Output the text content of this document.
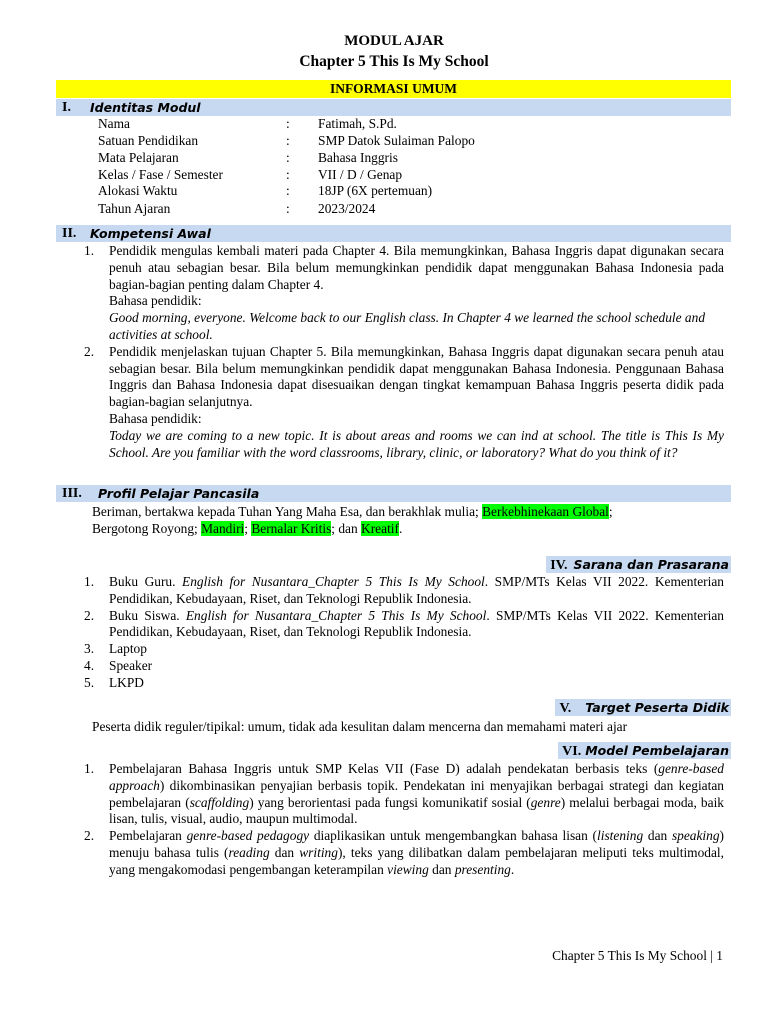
MODUL AJAR
Chapter 5 This Is My School
INFORMASI UMUM
I. Identitas Modul
Nama	: Fatimah, S.Pd.
Satuan Pendidikan	: SMP Datok Sulaiman Palopo
Mata Pelajaran	: Bahasa Inggris
Kelas / Fase / Semester	: VII / D / Genap
Alokasi Waktu	: 18JP (6X pertemuan)
Tahun Ajaran	: 2023/2024
II. Kompetensi Awal
1. Pendidik mengulas kembali materi pada Chapter 4. Bila memungkinkan, Bahasa Inggris dapat digunakan secara penuh atau sebagian besar. Bila belum memungkinkan pendidik dapat menggunakan Bahasa Indonesia pada bagian-bagian penting dalam Chapter 4.

Bahasa pendidik:

Good morning, everyone. Welcome back to our English class. In Chapter 4 we learned the school schedule and activities at school.

2. Pendidik menjelaskan tujuan Chapter 5. Bila memungkinkan, Bahasa Inggris dapat digunakan secara penuh atau sebagian besar. Bila belum memungkinkan pendidik dapat menggunakan Bahasa Indonesia. Penggunaan Bahasa Inggris dan Bahasa Indonesia dapat disesuaikan dengan tingkat kemampuan Bahasa Inggris peserta didik pada bagian-bagian selanjutnya.

Bahasa pendidik:

Today we are coming to a new topic. It is about areas and rooms we can ind at school. The title is This Is My School. Are you familiar with the word classrooms, library, clinic, or laboratory? What do you think of it?

III. Profil Pelajar Pancasila
Beriman, bertakwa kepada Tuhan Yang Maha Esa, dan berakhlak mulia; Berkebhinekaan Global;
Bergotong Royong; Mandiri; Bernalar Kritis; dan Kreatif.
IV. Sarana dan Prasarana
1. Buku Guru. English for Nusantara_Chapter 5 This Is My School. SMP/MTs Kelas VII 2022. Kementerian Pendidikan, Kebudayaan, Riset, dan Teknologi Republik Indonesia.
2. Buku Siswa. English for Nusantara_Chapter 5 This Is My School. SMP/MTs Kelas VII 2022. Kementerian Pendidikan, Kebudayaan, Riset, dan Teknologi Republik Indonesia.
3. Laptop
4. Speaker
5. LKPD
V. Target Peserta Didik
Peserta didik reguler/tipikal: umum, tidak ada kesulitan dalam mencerna dan memahami materi ajar
VI. Model Pembelajaran
1. Pembelajaran Bahasa Inggris untuk SMP Kelas VII (Fase D) adalah pendekatan berbasis teks (genre-based approach) dikombinasikan penyajian berbasis topik. Pendekatan ini menyajikan berbagai strategi dan kegiatan pembelajaran (scaffolding) yang berorientasi pada fungsi komunikatif sosial (genre) melalui berbagai moda, baik lisan, tulis, visual, audio, maupun multimodal.
2. Pembelajaran genre-based pedagogy diaplikasikan untuk mengembangkan bahasa lisan (listening dan speaking) menuju bahasa tulis (reading dan writing), teks yang dilibatkan dalam pembelajaran meliputi teks multimodal, yang mengakomodasi pengembangan keterampilan viewing dan presenting.
Chapter 5 This Is My School | 1
